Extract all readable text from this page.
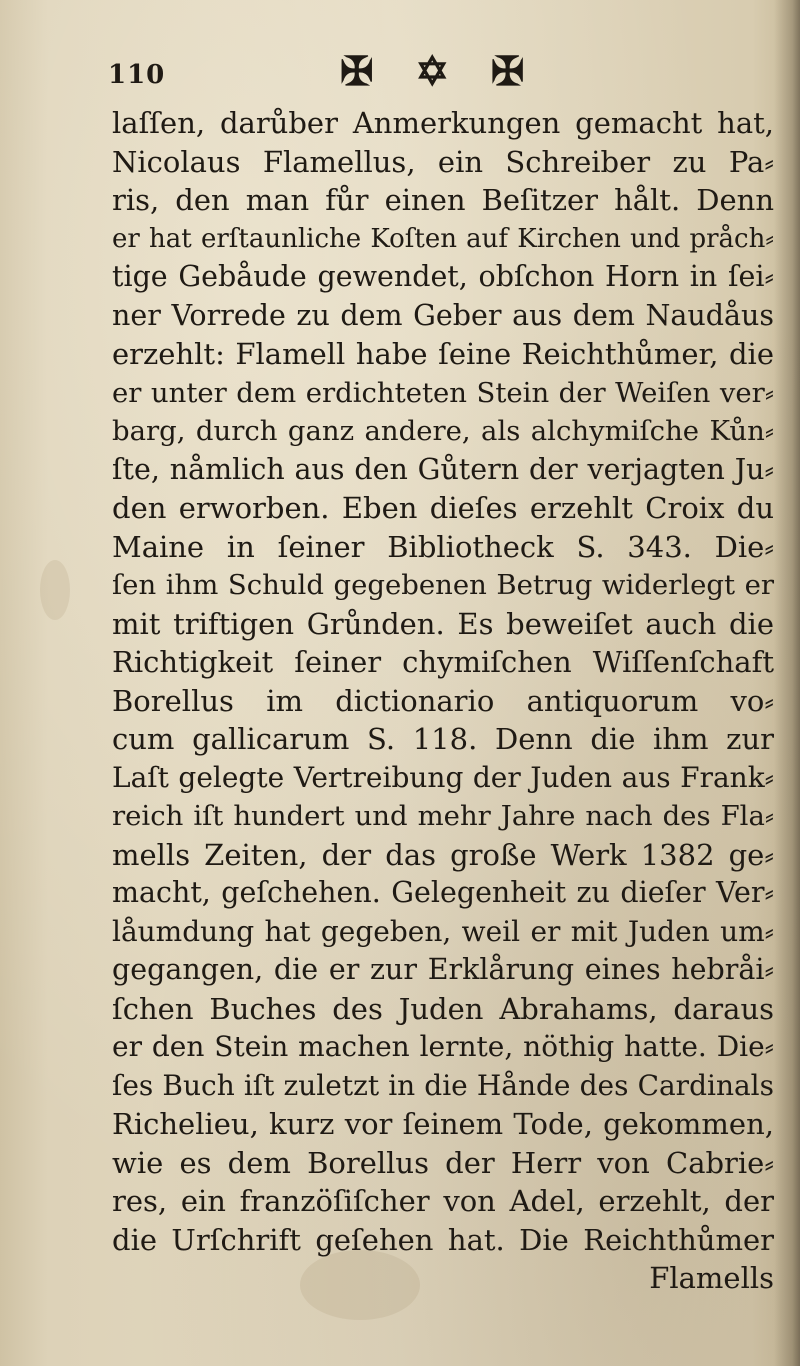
110	✠ ✡ ✠
laſſen, darůber Anmerkungen gemacht hat,
Nicolaus Flamellus, ein Schreiber zu Pa⸗
ris, den man fůr einen Beſitzer hålt. Denn
er hat erſtaunliche Koſten auf Kirchen und pråch⸗
tige Gebåude gewendet, obſchon Horn in ſei⸗
ner Vorrede zu dem Geber aus dem Naudåus
erzehlt: Flamell habe ſeine Reichthůmer, die
er unter dem erdichteten Stein der Weiſen ver⸗
barg, durch ganz andere, als alchymiſche Kůn⸗
ſte, nåmlich aus den Gůtern der verjagten Ju⸗
den erworben. Eben dieſes erzehlt Croix du
Maine in ſeiner Bibliotheck S. 343. Die⸗
ſen ihm Schuld gegebenen Betrug widerlegt er
mit triftigen Grůnden. Es beweiſet auch die
Richtigkeit ſeiner chymiſchen Wiſſenſchaft
Borellus im dictionario antiquorum vo⸗
cum gallicarum S. 118. Denn die ihm zur
Laſt gelegte Vertreibung der Juden aus Frank⸗
reich iſt hundert und mehr Jahre nach des Fla⸗
mells Zeiten, der das große Werk 1382 ge⸗
macht, geſchehen. Gelegenheit zu dieſer Ver⸗
låumdung hat gegeben, weil er mit Juden um⸗
gegangen, die er zur Erklårung eines hebråi⸗
ſchen Buches des Juden Abrahams, daraus
er den Stein machen lernte, nöthig hatte. Die⸗
ſes Buch iſt zuletzt in die Hånde des Cardinals
Richelieu, kurz vor ſeinem Tode, gekommen,
wie es dem Borellus der Herr von Cabrie⸗
res, ein franzöſiſcher von Adel, erzehlt, der
die Urſchrift geſehen hat. Die Reichthůmer
Flamells
